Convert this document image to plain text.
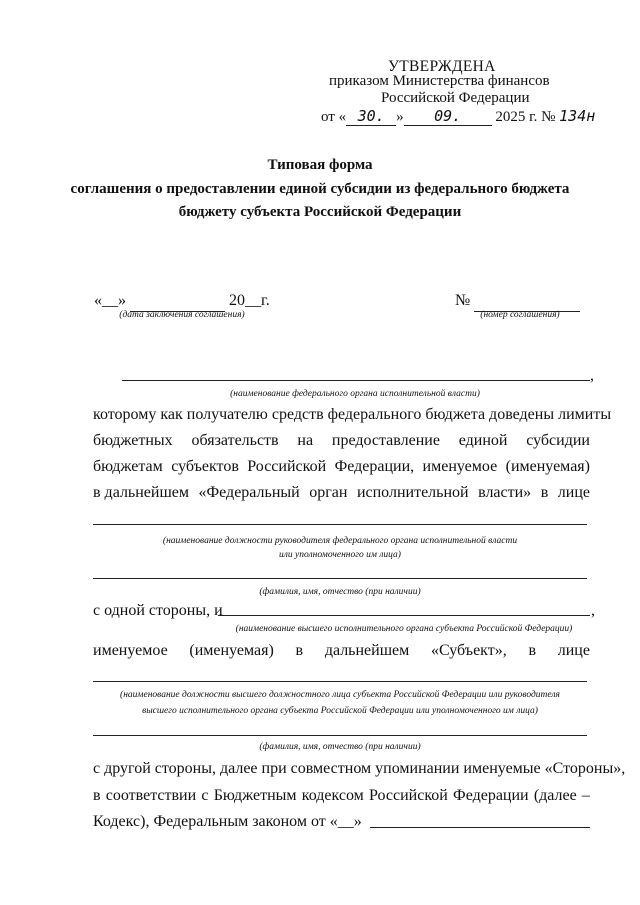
УТВЕРЖДЕНА
приказом Министерства финансов
Российской Федерации
от « 30. » 09. 2025 г. № 134н
Типовая форма
соглашения о предоставлении единой субсидии из федерального бюджета
бюджету субъекта Российской Федерации
«__»	20__г.
(дата заключения соглашения)
№
(номер соглашения)
,
(наименование федерального органа исполнительной власти)
которому как получателю средств федерального бюджета доведены лимиты
бюджетных обязательств на предоставление единой субсидии
бюджетам субъектов Российской Федерации, именуемое (именуемая)
в дальнейшем «Федеральный орган исполнительной власти» в лице
(наименование должности руководителя федерального органа исполнительной власти
или уполномоченного им лица)
(фамилия, имя, отчество (при наличии)
с одной стороны, и	,
(наименование высшего исполнительного органа субъекта Российской Федерации)
именуемое (именуемая) в дальнейшем «Субъект», в лице
(наименование должности высшего должностного лица субъекта Российской Федерации или руководителя
высшего исполнительного органа субъекта Российской Федерации или уполномоченного им лица)
(фамилия, имя, отчество (при наличии)
с другой стороны, далее при совместном упоминании именуемые «Стороны»,
в соответствии с Бюджетным кодексом Российской Федерации (далее –
Кодекс), Федеральным законом от «__»
